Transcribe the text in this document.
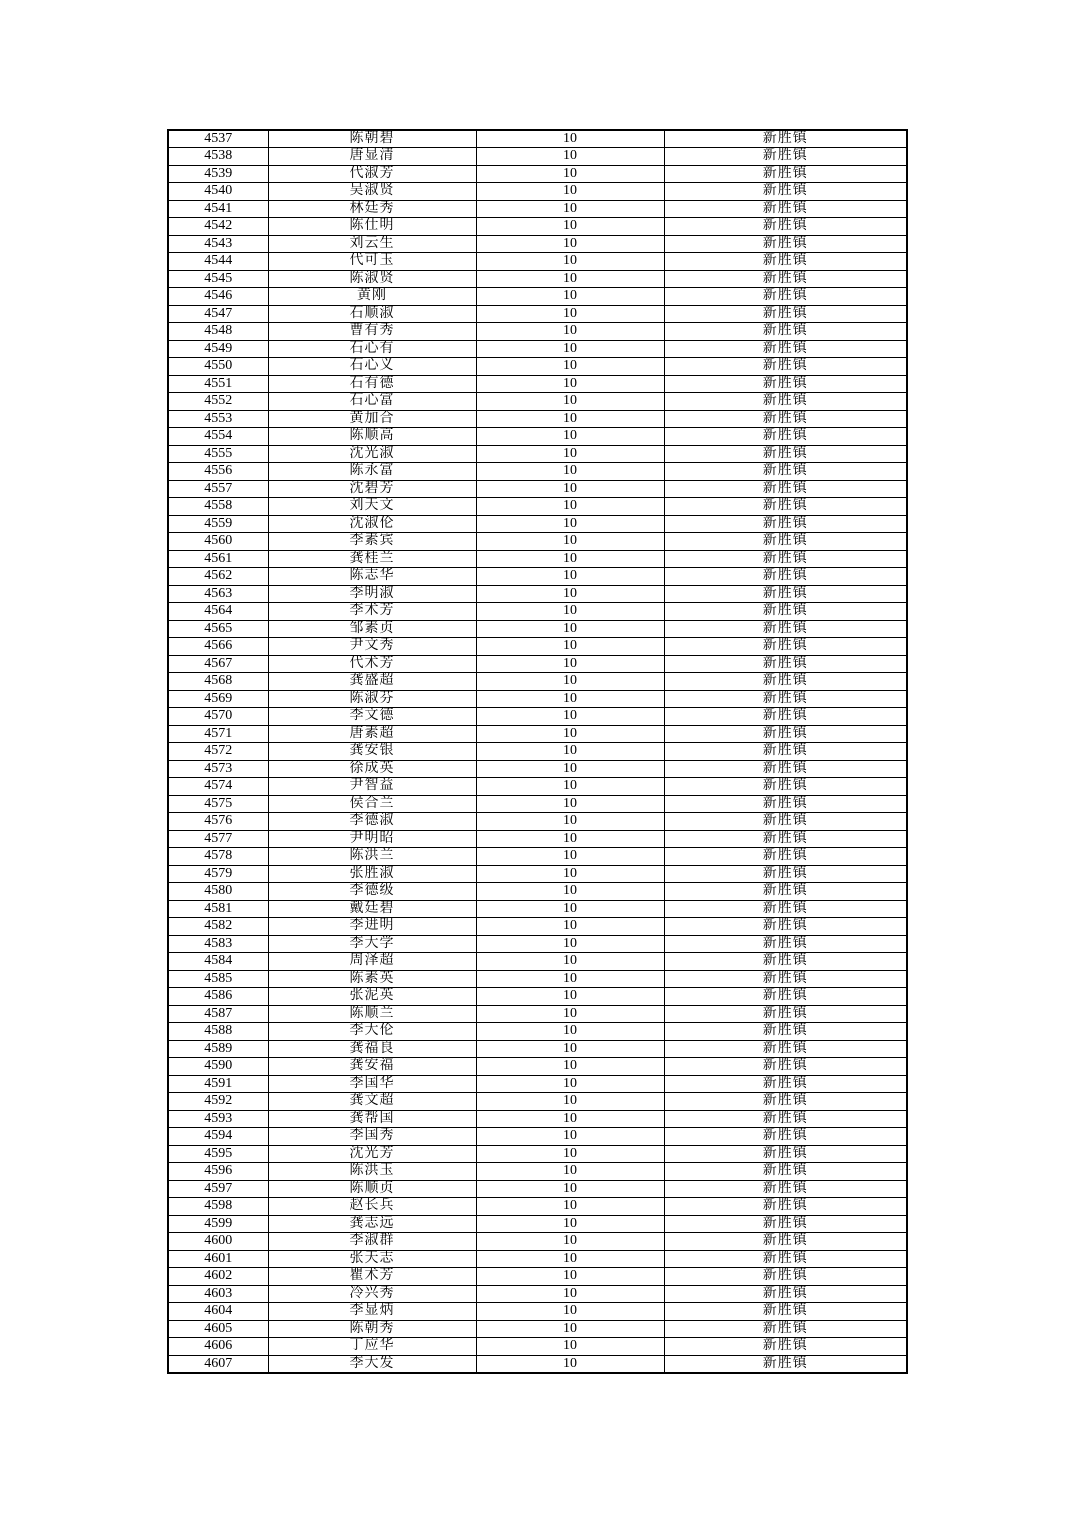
4537	陈朝碧	10	新胜镇
4538	唐显清	10	新胜镇
4539	代淑芳	10	新胜镇
4540	吴淑贤	10	新胜镇
4541	林廷秀	10	新胜镇
4542	陈仕明	10	新胜镇
4543	刘云生	10	新胜镇
4544	代可玉	10	新胜镇
4545	陈淑贤	10	新胜镇
4546	黄刚	10	新胜镇
4547	石顺淑	10	新胜镇
4548	曹有秀	10	新胜镇
4549	石心有	10	新胜镇
4550	石心义	10	新胜镇
4551	石有德	10	新胜镇
4552	石心富	10	新胜镇
4553	黄加合	10	新胜镇
4554	陈顺高	10	新胜镇
4555	沈光淑	10	新胜镇
4556	陈永富	10	新胜镇
4557	沈碧芳	10	新胜镇
4558	刘天文	10	新胜镇
4559	沈淑伦	10	新胜镇
4560	李素宾	10	新胜镇
4561	龚桂兰	10	新胜镇
4562	陈志华	10	新胜镇
4563	李明淑	10	新胜镇
4564	李术芳	10	新胜镇
4565	邹素贞	10	新胜镇
4566	尹文秀	10	新胜镇
4567	代术芳	10	新胜镇
4568	龚盛超	10	新胜镇
4569	陈淑芬	10	新胜镇
4570	李文德	10	新胜镇
4571	唐素超	10	新胜镇
4572	龚安银	10	新胜镇
4573	徐成英	10	新胜镇
4574	尹智益	10	新胜镇
4575	侯合兰	10	新胜镇
4576	李德淑	10	新胜镇
4577	尹明昭	10	新胜镇
4578	陈洪兰	10	新胜镇
4579	张胜淑	10	新胜镇
4580	李德级	10	新胜镇
4581	戴廷碧	10	新胜镇
4582	李进明	10	新胜镇
4583	李大学	10	新胜镇
4584	周泽超	10	新胜镇
4585	陈素英	10	新胜镇
4586	张泥英	10	新胜镇
4587	陈顺兰	10	新胜镇
4588	李大伦	10	新胜镇
4589	龚福良	10	新胜镇
4590	龚安福	10	新胜镇
4591	李国华	10	新胜镇
4592	龚文超	10	新胜镇
4593	龚帮国	10	新胜镇
4594	李国秀	10	新胜镇
4595	沈光芳	10	新胜镇
4596	陈洪玉	10	新胜镇
4597	陈顺贞	10	新胜镇
4598	赵长兵	10	新胜镇
4599	龚志远	10	新胜镇
4600	李淑群	10	新胜镇
4601	张天志	10	新胜镇
4602	瞿术芳	10	新胜镇
4603	冷兴秀	10	新胜镇
4604	李显炳	10	新胜镇
4605	陈朝秀	10	新胜镇
4606	丁应华	10	新胜镇
4607	李大发	10	新胜镇
